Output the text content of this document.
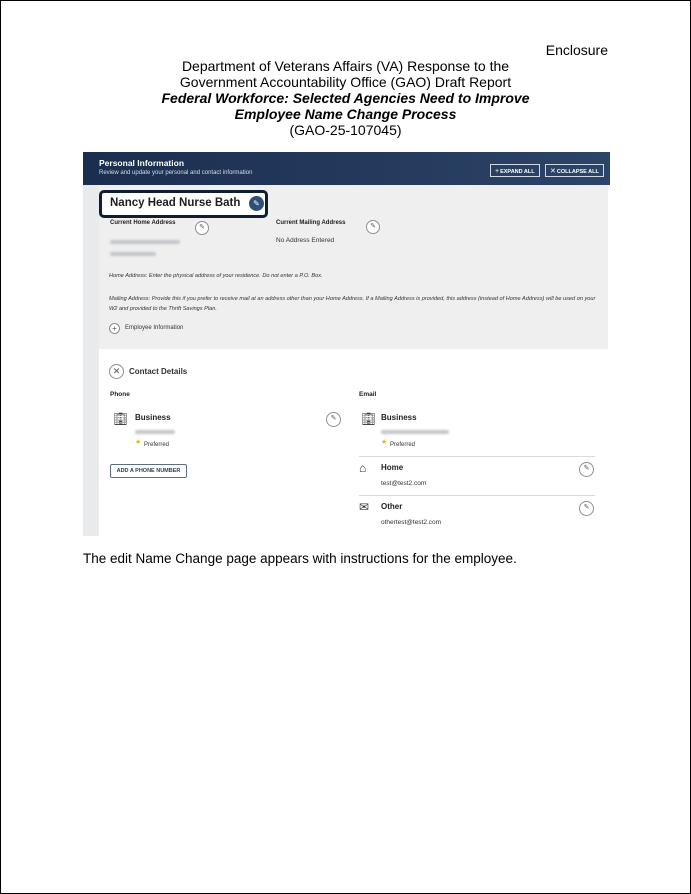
Enclosure
Department of Veterans Affairs (VA) Response to the
Government Accountability Office (GAO) Draft Report
Federal Workforce: Selected Agencies Need to Improve
Employee Name Change Process
(GAO-25-107045)
Personal Information
Review and update your personal and contact information	+EXPAND ALL	✕COLLAPSE ALL
Nancy Head Nurse Bath	✎
Current Home Address
✎
Current Mailing Address	✎
No Address Entered
Home Address: Enter the physical address of your residence. Do not enter a P.O. Box.
Mailing Address: Provide this if you prefer to receive mail at an address other than your Home Address. If a Mailing Address is provided, this address (instead of Home Address) will be used on your W2 and provided to the Thrift Savings Plan.
+	Employee Information
✕	Contact Details
Phone	Email
🏢︎ Business
★ Preferred
✎
ADD A PHONE NUMBER
🏢︎ Business
★ Preferred
⌂ Home
test@test2.com
✎
✉ Other
othertest@test2.com
✎
The edit Name Change page appears with instructions for the employee.
